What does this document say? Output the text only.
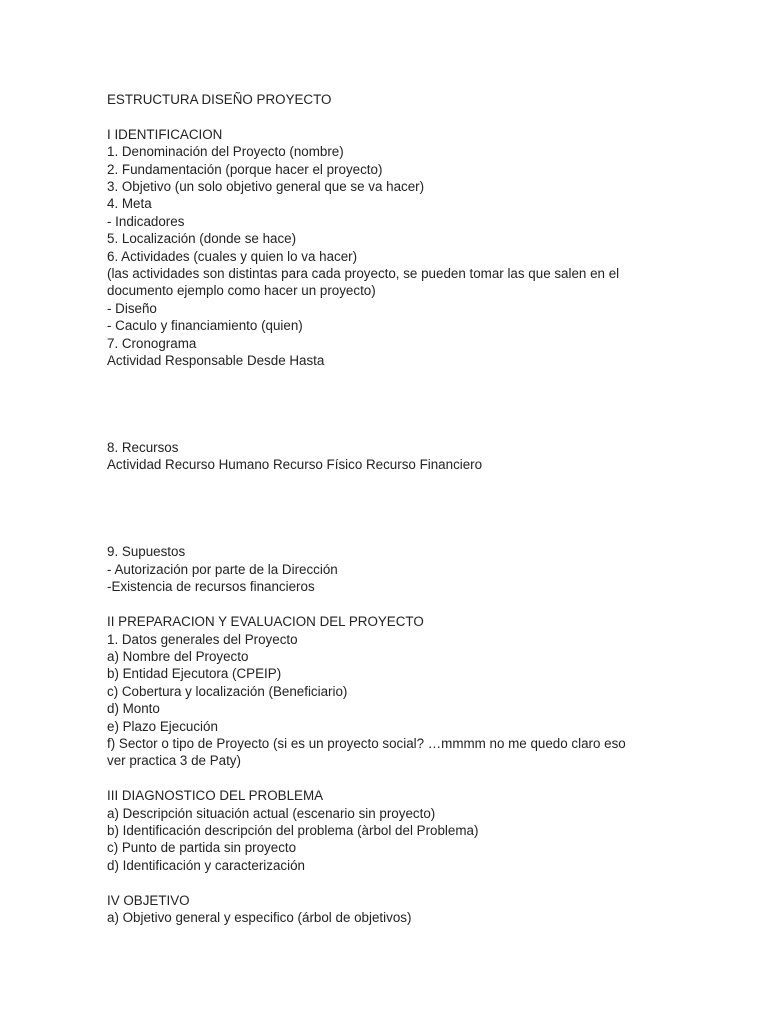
ESTRUCTURA DISEÑO PROYECTO
I IDENTIFICACION
1. Denominación del Proyecto (nombre)
2. Fundamentación (porque hacer el proyecto)
3. Objetivo (un solo objetivo general que se va hacer)
4. Meta
- Indicadores
5. Localización (donde se hace)
6. Actividades (cuales y quien lo va hacer)
(las actividades son distintas para cada proyecto, se pueden tomar las que salen en el
documento ejemplo como hacer un proyecto)
- Diseño
- Caculo y financiamiento (quien)
7. Cronograma
Actividad Responsable Desde Hasta
8. Recursos
Actividad Recurso Humano Recurso Físico Recurso Financiero
9. Supuestos
- Autorización por parte de la Dirección
-Existencia de recursos financieros
II PREPARACION Y EVALUACION DEL PROYECTO
1. Datos generales del Proyecto
a) Nombre del Proyecto
b) Entidad Ejecutora (CPEIP)
c) Cobertura y localización (Beneficiario)
d) Monto
e) Plazo Ejecución
f) Sector o tipo de Proyecto (si es un proyecto social? …mmmm no me quedo claro eso
ver practica 3 de Paty)
III DIAGNOSTICO DEL PROBLEMA
a) Descripción situación actual (escenario sin proyecto)
b) Identificación descripción del problema (àrbol del Problema)
c) Punto de partida sin proyecto
d) Identificación y caracterización
IV OBJETIVO
a) Objetivo general y especifico (árbol de objetivos)
